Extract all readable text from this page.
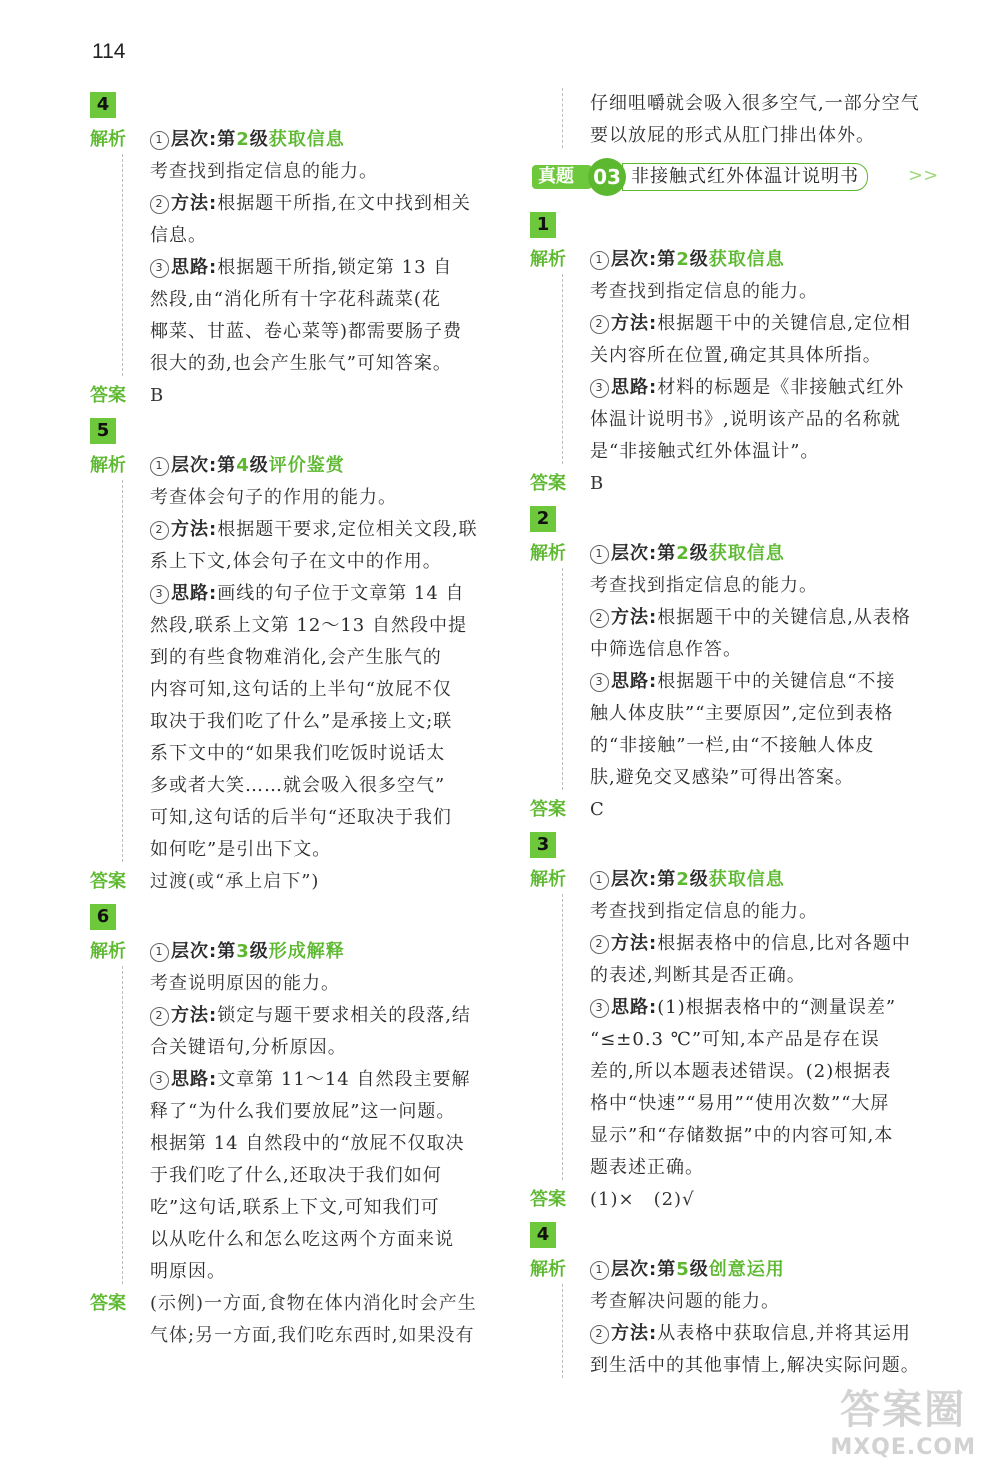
114
4
解析	1 层次:第2级获取信息
考查找到指定信息的能力。
2 方法:根据题干所指,在文中找到相关
信息。
3 思路:根据题干所指,锁定第 13 自
然段,由“消化所有十字花科蔬菜(花
椰菜、甘蓝、卷心菜等)都需要肠子费
很大的劲,也会产生胀气”可知答案。
答案	B
5
解析	1 层次:第4级评价鉴赏
考查体会句子的作用的能力。
2 方法:根据题干要求,定位相关文段,联
系上下文,体会句子在文中的作用。
3 思路:画线的句子位于文章第 14 自
然段,联系上文第 12～13 自然段中提
到的有些食物难消化,会产生胀气的
内容可知,这句话的上半句“放屁不仅
取决于我们吃了什么”是承接上文;联
系下文中的“如果我们吃饭时说话太
多或者大笑……就会吸入很多空气”
可知,这句话的后半句“还取决于我们
如何吃”是引出下文。
答案	过渡(或“承上启下”)
6
解析	1 层次:第3级形成解释
考查说明原因的能力。
2 方法:锁定与题干要求相关的段落,结
合关键语句,分析原因。
3 思路:文章第 11～14 自然段主要解
释了“为什么我们要放屁”这一问题。
根据第 14 自然段中的“放屁不仅取决
于我们吃了什么,还取决于我们如何
吃”这句话,联系上下文,可知我们可
以从吃什么和怎么吃这两个方面来说
明原因。
答案	(示例)一方面,食物在体内消化时会产生
气体;另一方面,我们吃东西时,如果没有
仔细咀嚼就会吸入很多空气,一部分空气
要以放屁的形式从肛门排出体外。
真题 03 非接触式红外体温计说明书	>>
1
解析	1 层次:第2级获取信息
考查找到指定信息的能力。
2 方法:根据题干中的关键信息,定位相
关内容所在位置,确定其具体所指。
3 思路:材料的标题是《非接触式红外
体温计说明书》,说明该产品的名称就
是“非接触式红外体温计”。
答案	B
2
解析	1 层次:第2级获取信息
考查找到指定信息的能力。
2 方法:根据题干中的关键信息,从表格
中筛选信息作答。
3 思路:根据题干中的关键信息“不接
触人体皮肤”“主要原因”,定位到表格
的“非接触”一栏,由“不接触人体皮
肤,避免交叉感染”可得出答案。
答案	C
3
解析	1 层次:第2级获取信息
考查找到指定信息的能力。
2 方法:根据表格中的信息,比对各题中
的表述,判断其是否正确。
3 思路:(1)根据表格中的“测量误差”
“≤±0.3 ℃”可知,本产品是存在误
差的,所以本题表述错误。(2)根据表
格中“快速”“易用”“使用次数”“大屏
显示”和“存储数据”中的内容可知,本
题表述正确。
答案	(1)×　(2)√
4
解析	1 层次:第5级创意运用
考查解决问题的能力。
2 方法:从表格中获取信息,并将其运用
到生活中的其他事情上,解决实际问题。
答案圈
MXQE.COM
